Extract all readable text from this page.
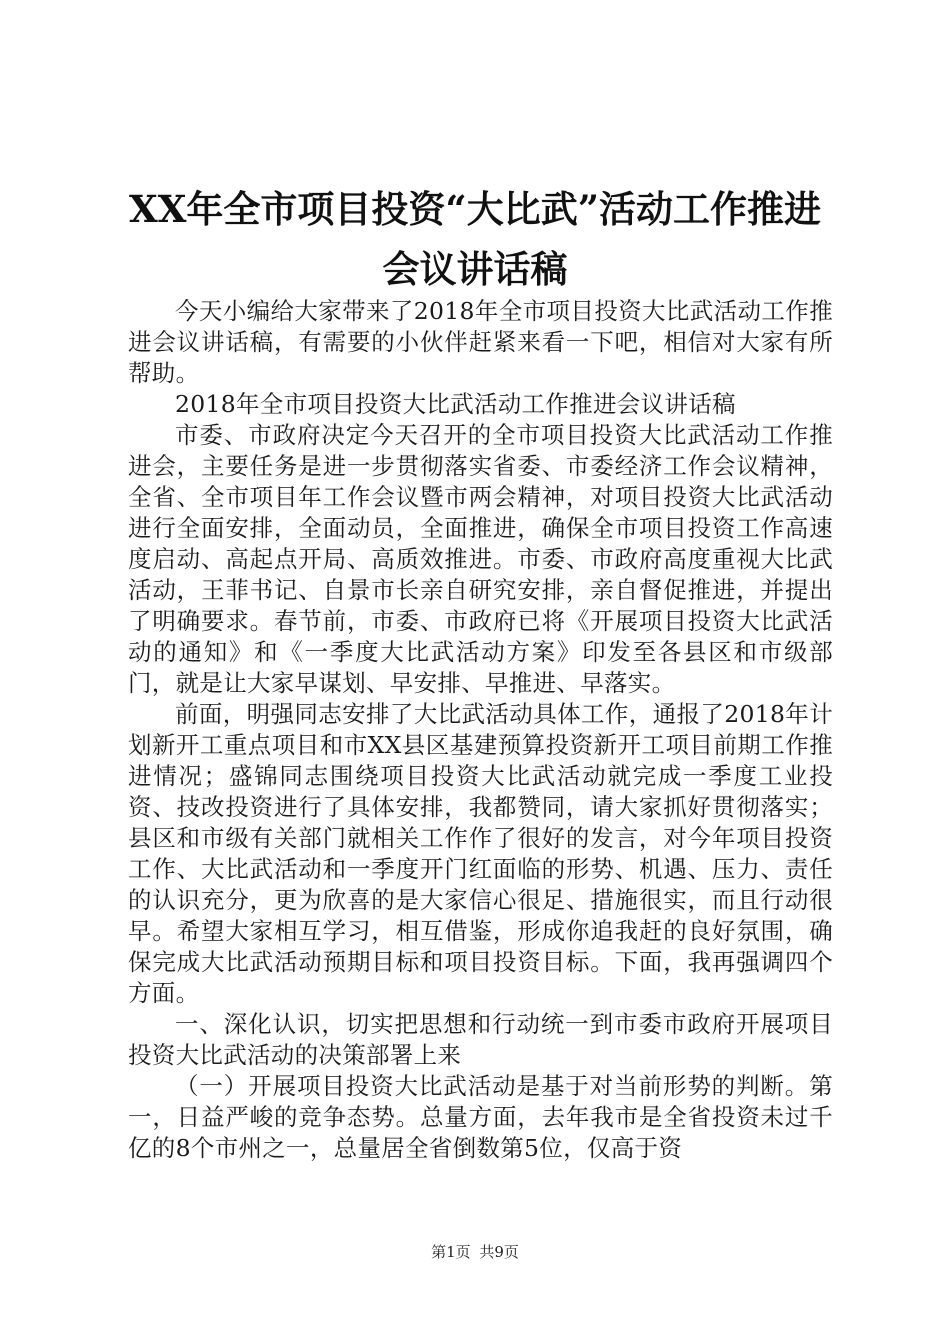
XX年全市项目投资“大比武”活动工作推进
会议讲话稿

今天小编给大家带来了2018年全市项目投资大比武活动工作推进会议讲话稿，有需要的小伙伴赶紧来看一下吧，相信对大家有所帮助。

2018年全市项目投资大比武活动工作推进会议讲话稿

市委、市政府决定今天召开的全市项目投资大比武活动工作推进会，主要任务是进一步贯彻落实省委、市委经济工作会议精神，全省、全市项目年工作会议暨市两会精神，对项目投资大比武活动进行全面安排，全面动员，全面推进，确保全市项目投资工作高速度启动、高起点开局、高质效推进。市委、市政府高度重视大比武活动，王菲书记、自景市长亲自研究安排，亲自督促推进，并提出了明确要求。春节前，市委、市政府已将《开展项目投资大比武活动的通知》和《一季度大比武活动方案》印发至各县区和市级部门，就是让大家早谋划、早安排、早推进、早落实。

前面，明强同志安排了大比武活动具体工作，通报了2018年计划新开工重点项目和市XX县区基建预算投资新开工项目前期工作推进情况；盛锦同志围绕项目投资大比武活动就完成一季度工业投资、技改投资进行了具体安排，我都赞同，请大家抓好贯彻落实；县区和市级有关部门就相关工作作了很好的发言，对今年项目投资工作、大比武活动和一季度开门红面临的形势、机遇、压力、责任的认识充分，更为欣喜的是大家信心很足、措施很实，而且行动很早。希望大家相互学习，相互借鉴，形成你追我赶的良好氛围，确保完成大比武活动预期目标和项目投资目标。下面，我再强调四个方面。

一、深化认识，切实把思想和行动统一到市委市政府开展项目投资大比武活动的决策部署上来

（一）开展项目投资大比武活动是基于对当前形势的判断。第一，日益严峻的竞争态势。总量方面，去年我市是全省投资未过千亿的8个市州之一，总量居全省倒数第5位，仅高于资

第1页 共9页
